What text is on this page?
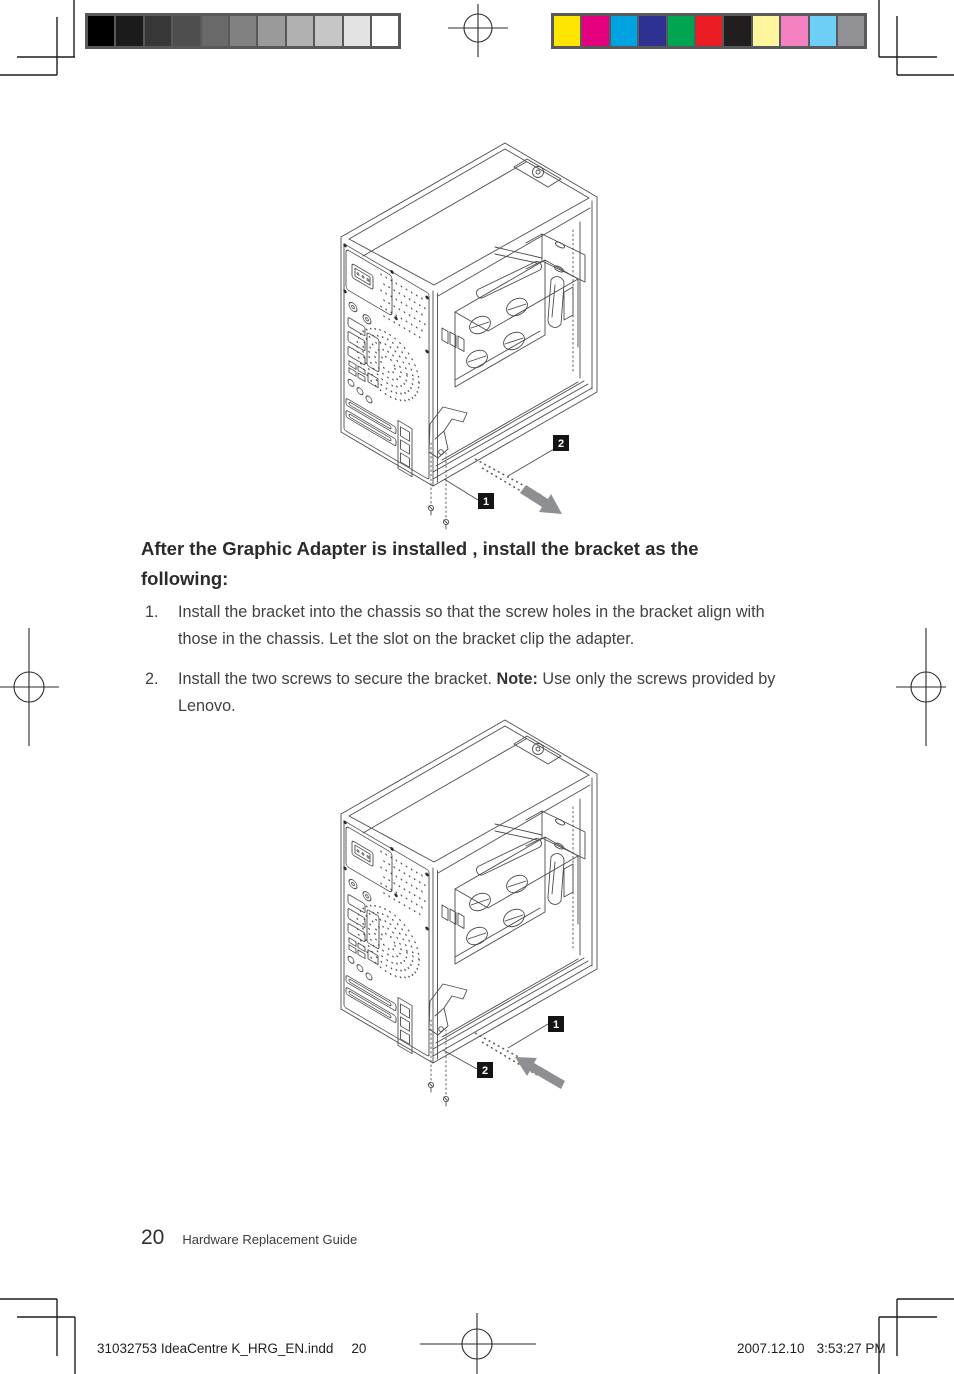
2
1
After the Graphic Adapter is installed , install the bracket as the following:
1.	Install the bracket into the chassis so that the screw holes in the bracket align with those in the chassis. Let the slot on the bracket clip the adapter.
2.	Install the two screws to secure the bracket. Note: Use only the screws provided by Lenovo.
1
2
20 Hardware Replacement Guide
31032753 IdeaCentre K_HRG_EN.indd 20	2007.12.10 3:53:27 PM
